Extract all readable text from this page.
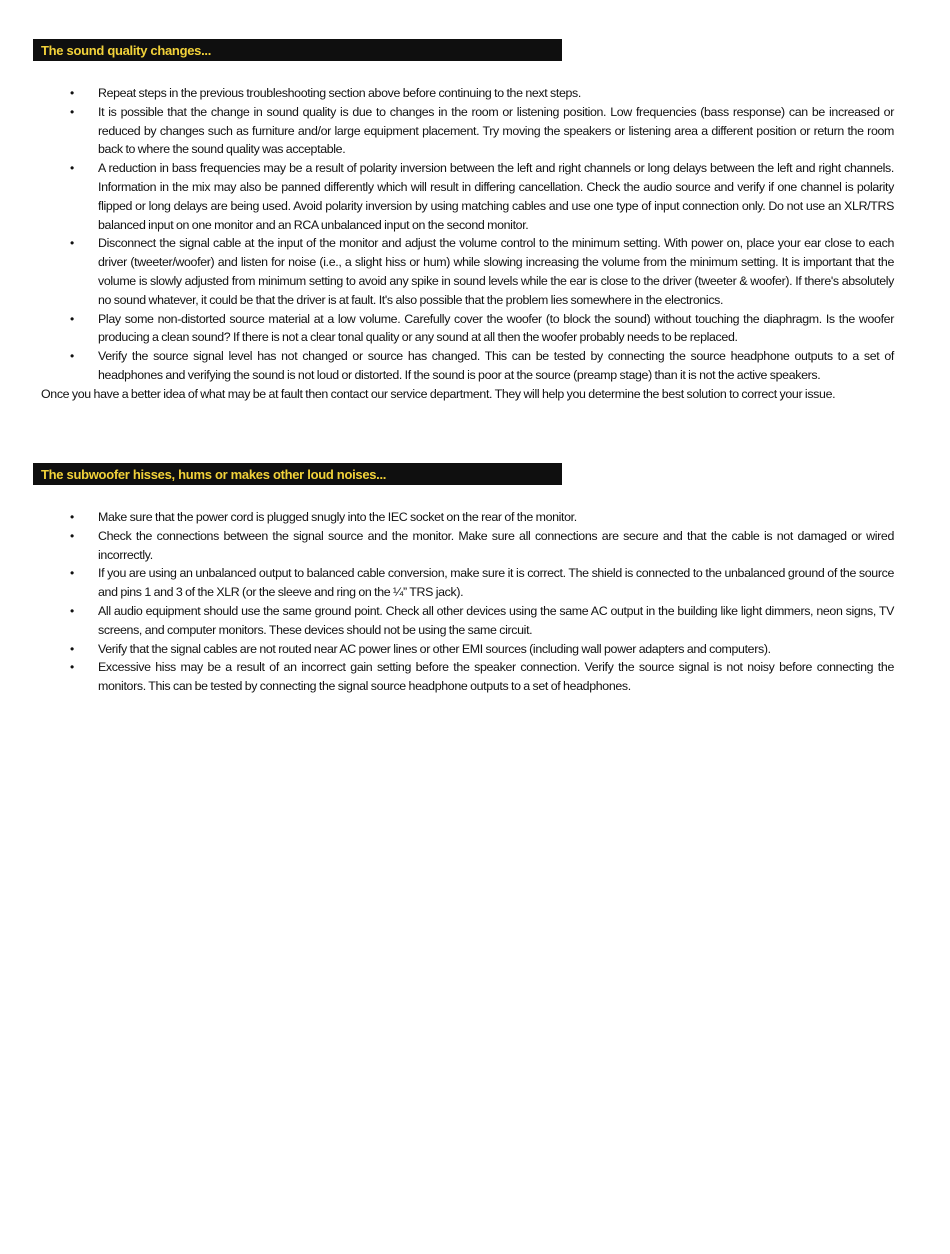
The sound quality changes...
• Repeat steps in the previous troubleshooting section above before continuing to the next steps.
• It is possible that the change in sound quality is due to changes in the room or listening position. Low frequencies (bass response) can be increased or reduced by changes such as furniture and/or large equipment placement. Try moving the speakers or listening area a different position or return the room back to where the sound quality was acceptable.
• A reduction in bass frequencies may be a result of polarity inversion between the left and right channels or long delays between the left and right channels. Information in the mix may also be panned differently which will result in differing cancellation. Check the audio source and verify if one channel is polarity flipped or long delays are being used. Avoid polarity inversion by using matching cables and use one type of input connection only. Do not use an XLR/TRS balanced input on one monitor and an RCA unbalanced input on the second monitor.
• Disconnect the signal cable at the input of the monitor and adjust the volume control to the minimum setting. With power on, place your ear close to each driver (tweeter/woofer) and listen for noise (i.e., a slight hiss or hum) while slowing increasing the volume from the minimum setting. It is important that the volume is slowly adjusted from minimum setting to avoid any spike in sound levels while the ear is close to the driver (tweeter & woofer). If there's absolutely no sound whatever, it could be that the driver is at fault. It's also possible that the problem lies somewhere in the electronics.
• Play some non-distorted source material at a low volume. Carefully cover the woofer (to block the sound) without touching the diaphragm. Is the woofer producing a clean sound? If there is not a clear tonal quality or any sound at all then the woofer probably needs to be replaced.
• Verify the source signal level has not changed or source has changed. This can be tested by connecting the source headphone outputs to a set of headphones and verifying the sound is not loud or distorted. If the sound is poor at the source (preamp stage) than it is not the active speakers.
Once you have a better idea of what may be at fault then contact our service department. They will help you determine the best solution to correct your issue.
The subwoofer hisses, hums or makes other loud noises...
• Make sure that the power cord is plugged snugly into the IEC socket on the rear of the monitor.
• Check the connections between the signal source and the monitor. Make sure all connections are secure and that the cable is not damaged or wired incorrectly.
• If you are using an unbalanced output to balanced cable conversion, make sure it is correct. The shield is connected to the unbalanced ground of the source and pins 1 and 3 of the XLR (or the sleeve and ring on the ¼” TRS jack).
• All audio equipment should use the same ground point. Check all other devices using the same AC output in the building like light dimmers, neon signs, TV screens, and computer monitors. These devices should not be using the same circuit.
• Verify that the signal cables are not routed near AC power lines or other EMI sources (including wall power adapters and computers).
• Excessive hiss may be a result of an incorrect gain setting before the speaker connection. Verify the source signal is not noisy before connecting the monitors. This can be tested by connecting the signal source headphone outputs to a set of headphones.
